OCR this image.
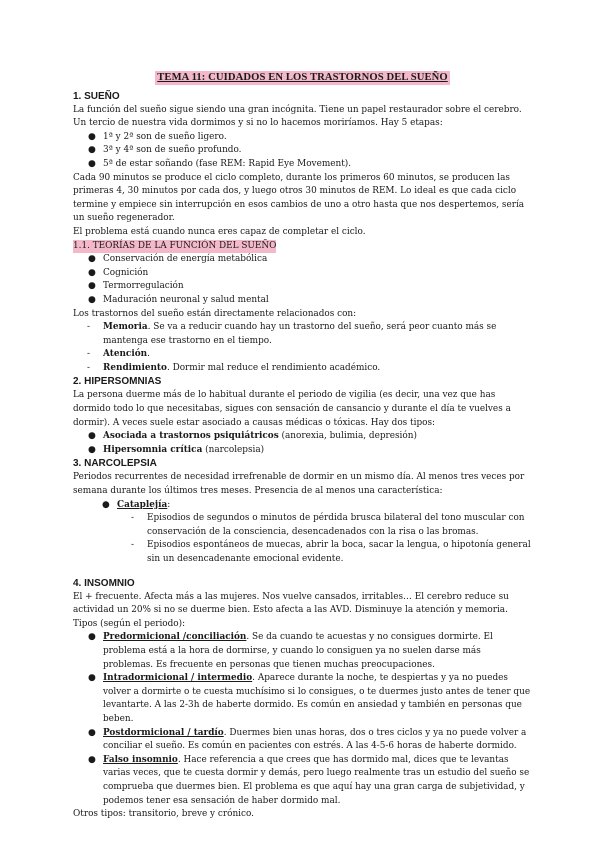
TEMA 11: CUIDADOS EN LOS TRASTORNOS DEL SUEÑO

1. SUEÑO

La función del sueño sigue siendo una gran incógnita. Tiene un papel restaurador sobre el cerebro. Un tercio de nuestra vida dormimos y si no lo hacemos moriríamos. Hay 5 etapas:

● 1ª y 2ª son de sueño ligero.
● 3ª y 4ª son de sueño profundo.
● 5ª de estar soñando (fase REM: Rapid Eye Movement).

Cada 90 minutos se produce el ciclo completo, durante los primeros 60 minutos, se producen las primeras 4, 30 minutos por cada dos, y luego otros 30 minutos de REM. Lo ideal es que cada ciclo termine y empiece sin interrupción en esos cambios de uno a otro hasta que nos despertemos, sería un sueño regenerador.

El problema está cuando nunca eres capaz de completar el ciclo.

1.1. TEORÍAS DE LA FUNCIÓN DEL SUEÑO
● Conservación de energía metabólica
● Cognición
● Termorregulación
● Maduración neuronal y salud mental

Los trastornos del sueño están directamente relacionados con:

- Memoria. Se va a reducir cuando hay un trastorno del sueño, será peor cuanto más se mantenga ese trastorno en el tiempo.
- Atención.
- Rendimiento. Dormir mal reduce el rendimiento académico.

2. HIPERSOMNIAS

La persona duerme más de lo habitual durante el periodo de vigilia (es decir, una vez que has dormido todo lo que necesitabas, sigues con sensación de cansancio y durante el día te vuelves a dormir). A veces suele estar asociado a causas médicas o tóxicas. Hay dos tipos:

● Asociada a trastornos psiquiátricos (anorexia, bulimia, depresión)
● Hipersomnia crítica (narcolepsia)

3. NARCOLEPSIA

Periodos recurrentes de necesidad irrefrenable de dormir en un mismo día. Al menos tres veces por semana durante los últimos tres meses. Presencia de al menos una característica:

● Cataplejía:
- Episodios de segundos o minutos de pérdida brusca bilateral del tono muscular con conservación de la consciencia, desencadenados con la risa o las bromas.
- Episodios espontáneos de muecas, abrir la boca, sacar la lengua, o hipotonía general sin un desencadenante emocional evidente.

4. INSOMNIO

El + frecuente. Afecta más a las mujeres. Nos vuelve cansados, irritables… El cerebro reduce su actividad un 20% si no se duerme bien. Esto afecta a las AVD. Disminuye la atención y memoria. Tipos (según el periodo):

● Predormicional /conciliación. Se da cuando te acuestas y no consigues dormirte. El problema está a la hora de dormirse, y cuando lo consiguen ya no suelen darse más problemas. Es frecuente en personas que tienen muchas preocupaciones.
● Intradormicional / intermedio. Aparece durante la noche, te despiertas y ya no puedes volver a dormirte o te cuesta muchísimo si lo consigues, o te duermes justo antes de tener que levantarte. A las 2-3h de haberte dormido. Es común en ansiedad y también en personas que beben.
● Postdormicional / tardío. Duermes bien unas horas, dos o tres ciclos y ya no puede volver a conciliar el sueño. Es común en pacientes con estrés. A las 4-5-6 horas de haberte dormido.
● Falso insomnio. Hace referencia a que crees que has dormido mal, dices que te levantas varias veces, que te cuesta dormir y demás, pero luego realmente tras un estudio del sueño se comprueba que duermes bien. El problema es que aquí hay una gran carga de subjetividad, y podemos tener esa sensación de haber dormido mal.

Otros tipos: transitorio, breve y crónico.
